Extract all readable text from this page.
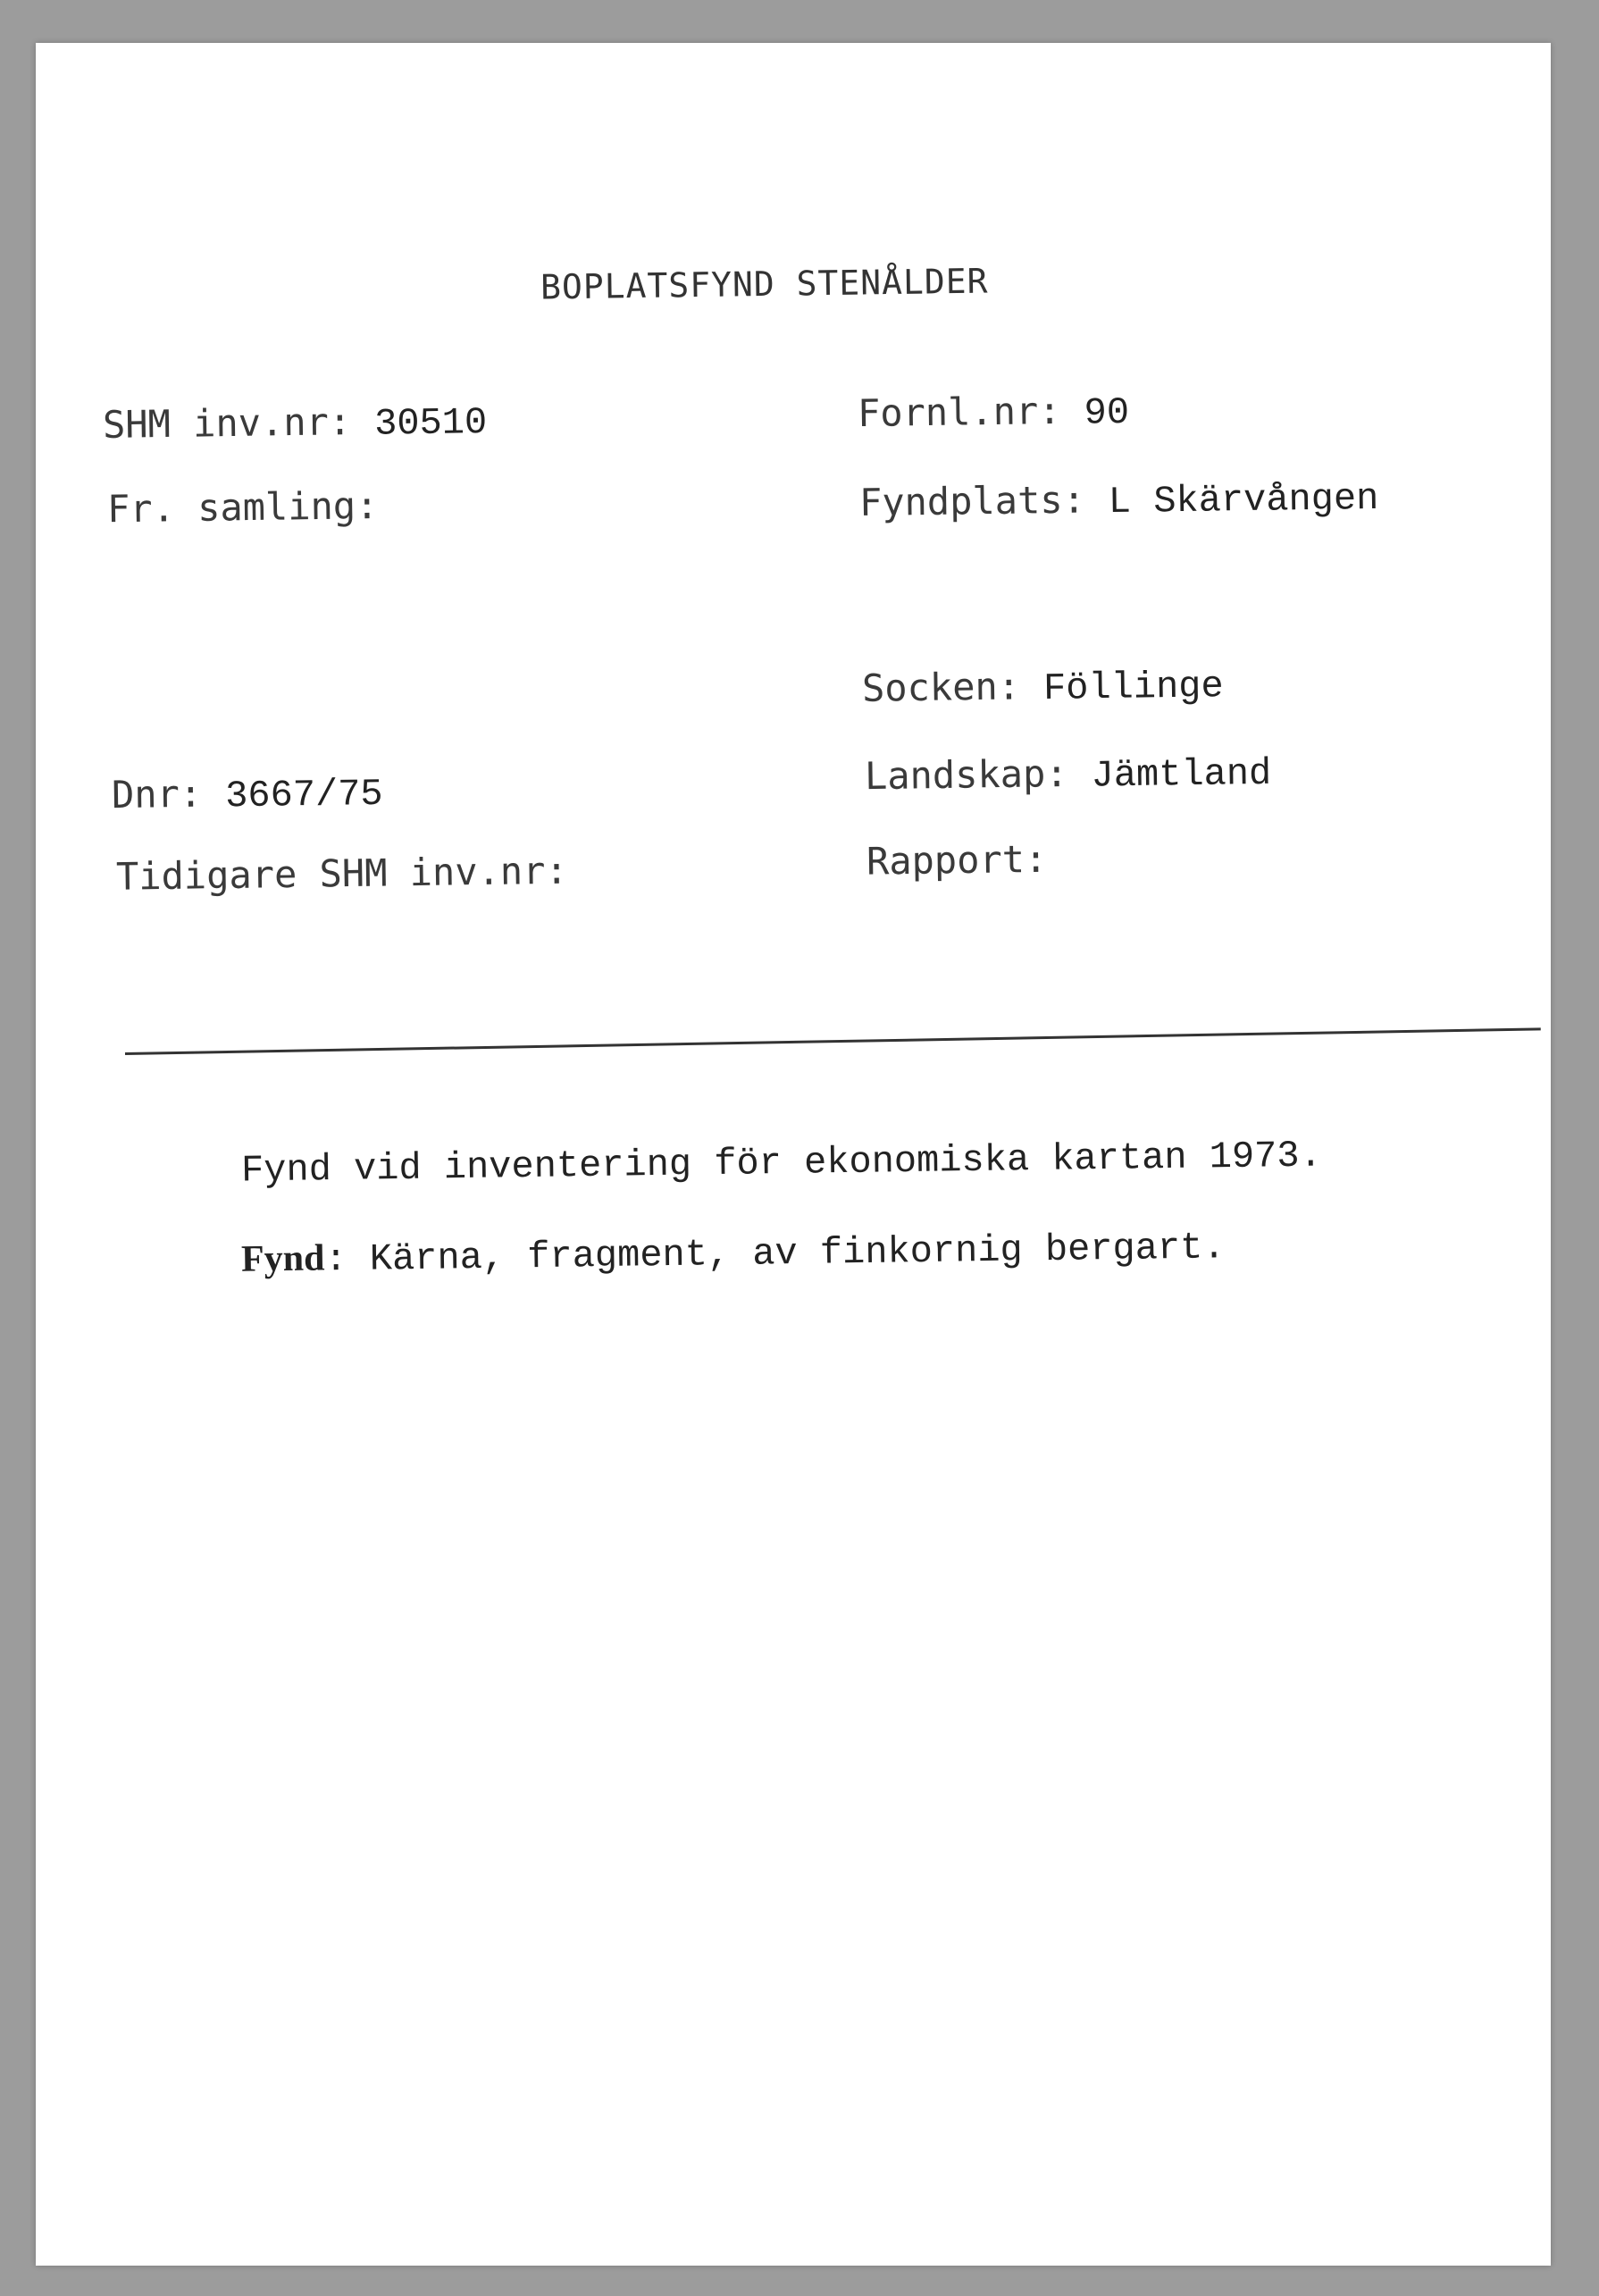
BOPLATSFYND STENÅLDER
SHM inv.nr: 30510
Fr. samling:
Dnr: 3667/75
Tidigare SHM inv.nr:
Fornl.nr: 90
Fyndplats: L Skärvången
Socken: Föllinge
Landskap: Jämtland
Rapport:
Fynd vid inventering för ekonomiska kartan 1973.
Fynd: Kärna, fragment, av finkornig bergart.
